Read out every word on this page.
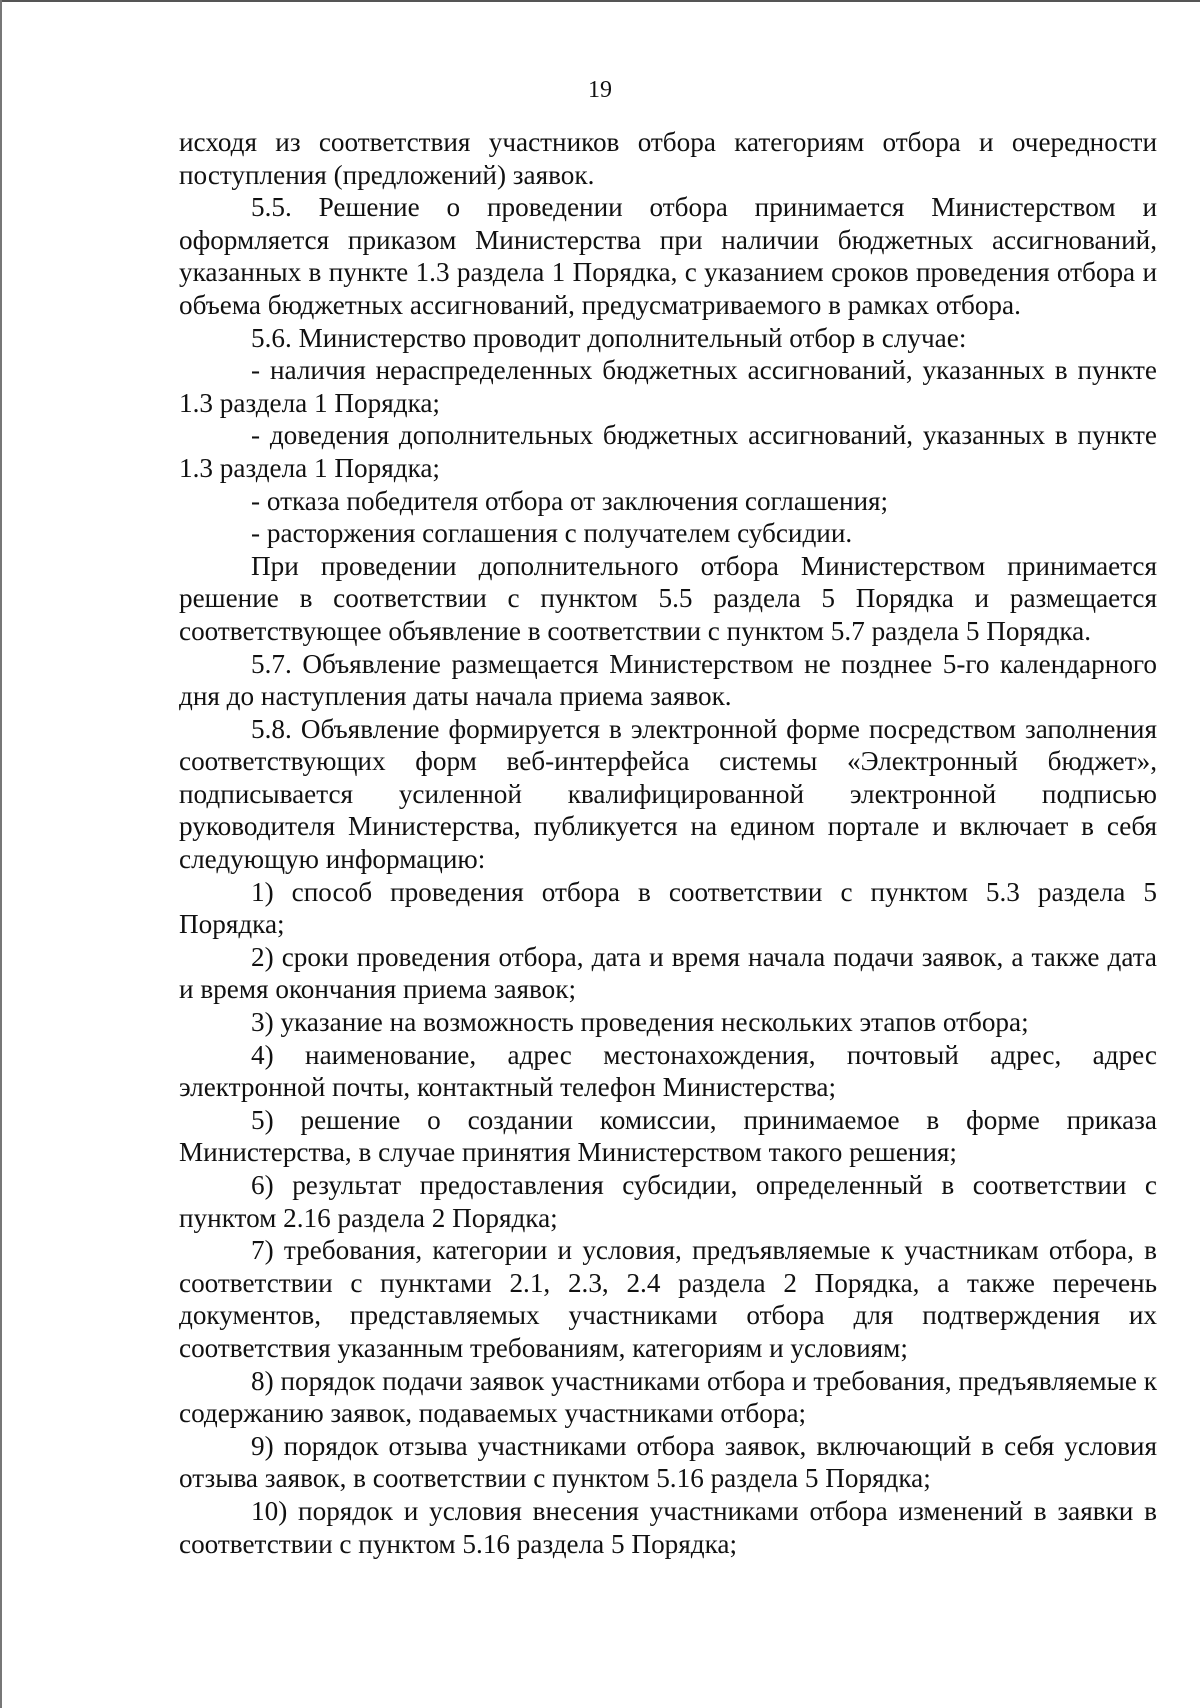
19

исходя из соответствия участников отбора категориям отбора и очередности поступления (предложений) заявок.

5.5. Решение о проведении отбора принимается Министерством и оформляется приказом Министерства при наличии бюджетных ассигнований, указанных в пункте 1.3 раздела 1 Порядка, с указанием сроков проведения отбора и объема бюджетных ассигнований, предусматриваемого в рамках отбора.

5.6. Министерство проводит дополнительный отбор в случае:

- наличия нераспределенных бюджетных ассигнований, указанных в пункте 1.3 раздела 1 Порядка;

- доведения дополнительных бюджетных ассигнований, указанных в пункте 1.3 раздела 1 Порядка;

- отказа победителя отбора от заключения соглашения;

- расторжения соглашения с получателем субсидии.

При проведении дополнительного отбора Министерством принимается решение в соответствии с пунктом 5.5 раздела 5 Порядка и размещается соответствующее объявление в соответствии с пунктом 5.7 раздела 5 Порядка.

5.7. Объявление размещается Министерством не позднее 5-го календарного дня до наступления даты начала приема заявок.

5.8. Объявление формируется в электронной форме посредством заполнения соответствующих форм веб-интерфейса системы «Электронный бюджет», подписывается усиленной квалифицированной электронной подписью руководителя Министерства, публикуется на едином портале и включает в себя следующую информацию:

1) способ проведения отбора в соответствии с пунктом 5.3 раздела 5 Порядка;

2) сроки проведения отбора, дата и время начала подачи заявок, а также дата и время окончания приема заявок;

3) указание на возможность проведения нескольких этапов отбора;

4) наименование, адрес местонахождения, почтовый адрес, адрес электронной почты, контактный телефон Министерства;

5) решение о создании комиссии, принимаемое в форме приказа Министерства, в случае принятия Министерством такого решения;

6) результат предоставления субсидии, определенный в соответствии с пунктом 2.16 раздела 2 Порядка;

7) требования, категории и условия, предъявляемые к участникам отбора, в соответствии с пунктами 2.1, 2.3, 2.4 раздела 2 Порядка, а также перечень документов, представляемых участниками отбора для подтверждения их соответствия указанным требованиям, категориям и условиям;

8) порядок подачи заявок участниками отбора и требования, предъявляемые к содержанию заявок, подаваемых участниками отбора;

9) порядок отзыва участниками отбора заявок, включающий в себя условия отзыва заявок, в соответствии с пунктом 5.16 раздела 5 Порядка;

10) порядок и условия внесения участниками отбора изменений в заявки в соответствии с пунктом 5.16 раздела 5 Порядка;
